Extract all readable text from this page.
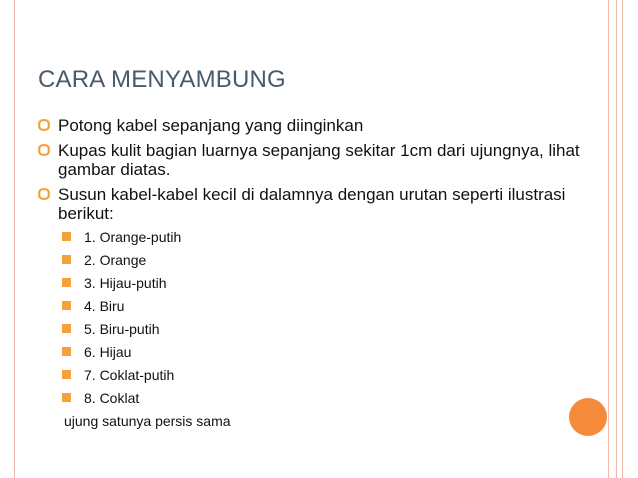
CARA MENYAMBUNG
Potong kabel sepanjang yang diinginkan
Kupas kulit bagian luarnya sepanjang sekitar 1cm dari ujungnya, lihat gambar diatas.
Susun kabel-kabel kecil di dalamnya dengan urutan seperti ilustrasi berikut:
1. Orange-putih
2. Orange
3. Hijau-putih
4. Biru
5. Biru-putih
6. Hijau
7. Coklat-putih
8. Coklat
ujung satunya persis sama
